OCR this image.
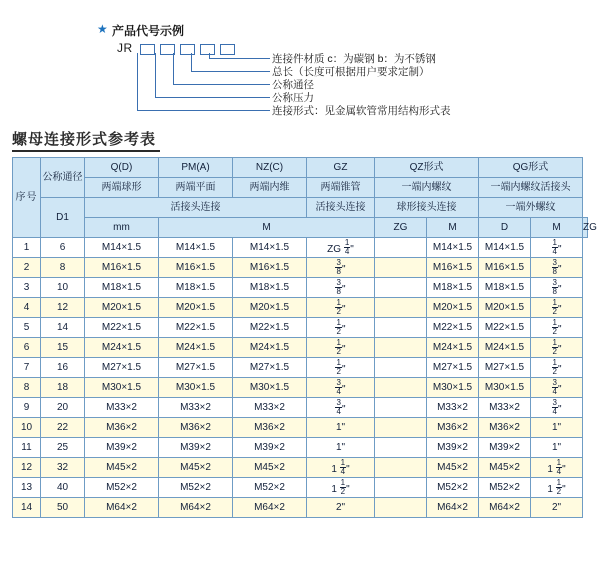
★ 产品代号示例
JR
连接件材质 c：为碳钢 b：为不锈钢
总长（长度可根据用户要求定制）
公称通径
公称压力
连接形式：见金属软管常用结构形式表
螺母连接形式参考表
序号	公称通径	Q(D)	PM(A)	NZ(C)	GZ	QZ形式		QG形式		
		两端球形	两端平面	两端内维	两端锥管	一端内螺纹		一端内螺纹活接头		
	D1	活接头连接			活接头连接	球形接头连接		一端外螺纹		
		mm	M			ZG	M	D	M	ZG
1	6	M14×1.5	M14×1.5	M14×1.5	ZG $\frac{1}{4}$ "		M14×1.5	M14×1.5	$\frac{1}{4}$ "	
2	8	M16×1.5	M16×1.5	M16×1.5	$\frac{3}{8}$ "		M16×1.5	M16×1.5	$\frac{3}{8}$ "	
3	10	M18×1.5	M18×1.5	M18×1.5	$\frac{3}{8}$ "		M18×1.5	M18×1.5	$\frac{3}{8}$ "	
4	12	M20×1.5	M20×1.5	M20×1.5	$\frac{1}{2}$ "		M20×1.5	M20×1.5	$\frac{1}{2}$ "	
5	14	M22×1.5	M22×1.5	M22×1.5	$\frac{1}{2}$ "		M22×1.5	M22×1.5	$\frac{1}{2}$ "	
6	15	M24×1.5	M24×1.5	M24×1.5	$\frac{1}{2}$ "		M24×1.5	M24×1.5	$\frac{1}{2}$ "	
7	16	M27×1.5	M27×1.5	M27×1.5	$\frac{1}{2}$ "		M27×1.5	M27×1.5	$\frac{1}{2}$ "	
8	18	M30×1.5	M30×1.5	M30×1.5	$\frac{3}{4}$ "		M30×1.5	M30×1.5	$\frac{3}{4}$ "	
9	20	M33×2	M33×2	M33×2	$\frac{3}{4}$ "		M33×2	M33×2	$\frac{3}{4}$ "	
10	22	M36×2	M36×2	M36×2	1"		M36×2	M36×2	1"	
11	25	M39×2	M39×2	M39×2	1"		M39×2	M39×2	1"	
12	32	M45×2	M45×2	M45×2	$1 \frac{1}{4}$ "		M45×2	M45×2	$1 \frac{1}{4}$ "	
13	40	M52×2	M52×2	M52×2	$1 \frac{1}{2}$ "		M52×2	M52×2	$1 \frac{1}{2}$ "	
14	50	M64×2	M64×2	M64×2	2"		M64×2	M64×2	2"	
